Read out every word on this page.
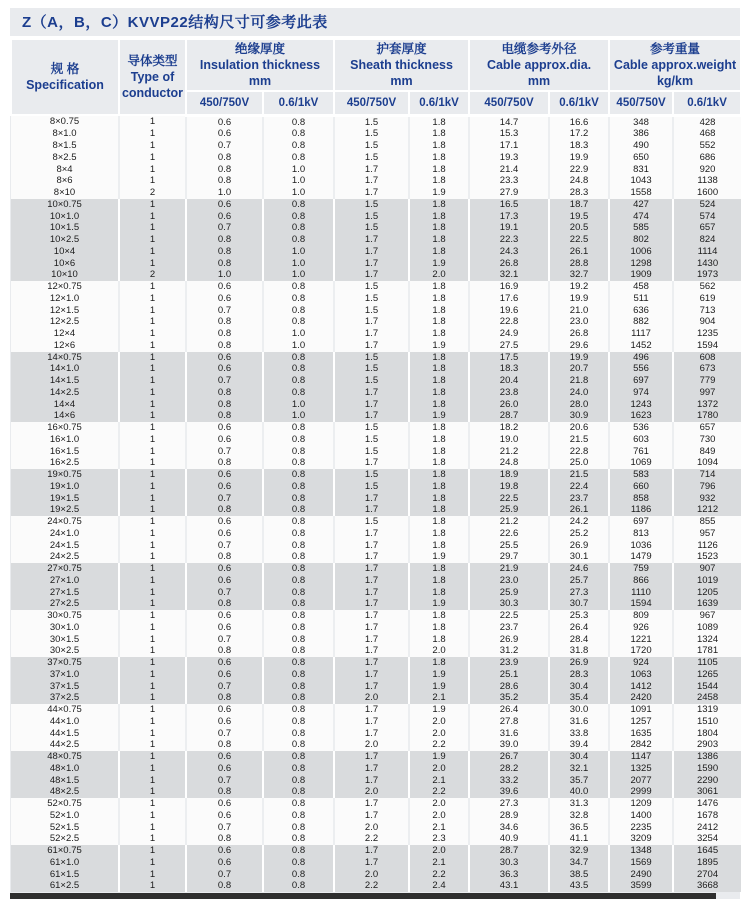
Z（A，B，C）KVVP22结构尺寸可参考此表
规 格
Specification	导体类型
Type of
conductor	绝缘厚度
Insulation thickness
mm		护套厚度
Sheath thickness
mm		电缆参考外径
Cable approx.dia.
mm		参考重量
Cable approx.weight
kg/km	
		450/750V	0.6/1kV	450/750V	0.6/1kV	450/750V	0.6/1kV	450/750V	0.6/1kV
8×0.75	1	0.6	0.8	1.5	1.8	14.7	16.6	348	428
8×1.0	1	0.6	0.8	1.5	1.8	15.3	17.2	386	468
8×1.5	1	0.7	0.8	1.5	1.8	17.1	18.3	490	552
8×2.5	1	0.8	0.8	1.5	1.8	19.3	19.9	650	686
8×4	1	0.8	1.0	1.7	1.8	21.4	22.9	831	920
8×6	1	0.8	1.0	1.7	1.8	23.3	24.8	1043	1138
8×10	2	1.0	1.0	1.7	1.9	27.9	28.3	1558	1600
10×0.75	1	0.6	0.8	1.5	1.8	16.5	18.7	427	524
10×1.0	1	0.6	0.8	1.5	1.8	17.3	19.5	474	574
10×1.5	1	0.7	0.8	1.5	1.8	19.1	20.5	585	657
10×2.5	1	0.8	0.8	1.7	1.8	22.3	22.5	802	824
10×4	1	0.8	1.0	1.7	1.8	24.3	26.1	1006	1114
10×6	1	0.8	1.0	1.7	1.9	26.8	28.8	1298	1430
10×10	2	1.0	1.0	1.7	2.0	32.1	32.7	1909	1973
12×0.75	1	0.6	0.8	1.5	1.8	16.9	19.2	458	562
12×1.0	1	0.6	0.8	1.5	1.8	17.6	19.9	511	619
12×1.5	1	0.7	0.8	1.5	1.8	19.6	21.0	636	713
12×2.5	1	0.8	0.8	1.7	1.8	22.8	23.0	882	904
12×4	1	0.8	1.0	1.7	1.8	24.9	26.8	1117	1235
12×6	1	0.8	1.0	1.7	1.9	27.5	29.6	1452	1594
14×0.75	1	0.6	0.8	1.5	1.8	17.5	19.9	496	608
14×1.0	1	0.6	0.8	1.5	1.8	18.3	20.7	556	673
14×1.5	1	0.7	0.8	1.5	1.8	20.4	21.8	697	779
14×2.5	1	0.8	0.8	1.7	1.8	23.8	24.0	974	997
14×4	1	0.8	1.0	1.7	1.8	26.0	28.0	1243	1372
14×6	1	0.8	1.0	1.7	1.9	28.7	30.9	1623	1780
16×0.75	1	0.6	0.8	1.5	1.8	18.2	20.6	536	657
16×1.0	1	0.6	0.8	1.5	1.8	19.0	21.5	603	730
16×1.5	1	0.7	0.8	1.5	1.8	21.2	22.8	761	849
16×2.5	1	0.8	0.8	1.7	1.8	24.8	25.0	1069	1094
19×0.75	1	0.6	0.8	1.5	1.8	18.9	21.5	583	714
19×1.0	1	0.6	0.8	1.5	1.8	19.8	22.4	660	796
19×1.5	1	0.7	0.8	1.7	1.8	22.5	23.7	858	932
19×2.5	1	0.8	0.8	1.7	1.8	25.9	26.1	1186	1212
24×0.75	1	0.6	0.8	1.5	1.8	21.2	24.2	697	855
24×1.0	1	0.6	0.8	1.7	1.8	22.6	25.2	813	957
24×1.5	1	0.7	0.8	1.7	1.8	25.5	26.9	1036	1126
24×2.5	1	0.8	0.8	1.7	1.9	29.7	30.1	1479	1523
27×0.75	1	0.6	0.8	1.7	1.8	21.9	24.6	759	907
27×1.0	1	0.6	0.8	1.7	1.8	23.0	25.7	866	1019
27×1.5	1	0.7	0.8	1.7	1.8	25.9	27.3	1110	1205
27×2.5	1	0.8	0.8	1.7	1.9	30.3	30.7	1594	1639
30×0.75	1	0.6	0.8	1.7	1.8	22.5	25.3	809	967
30×1.0	1	0.6	0.8	1.7	1.8	23.7	26.4	926	1089
30×1.5	1	0.7	0.8	1.7	1.8	26.9	28.4	1221	1324
30×2.5	1	0.8	0.8	1.7	2.0	31.2	31.8	1720	1781
37×0.75	1	0.6	0.8	1.7	1.8	23.9	26.9	924	1105
37×1.0	1	0.6	0.8	1.7	1.9	25.1	28.3	1063	1265
37×1.5	1	0.7	0.8	1.7	1.9	28.6	30.4	1412	1544
37×2.5	1	0.8	0.8	2.0	2.1	35.2	35.4	2420	2458
44×0.75	1	0.6	0.8	1.7	1.9	26.4	30.0	1091	1319
44×1.0	1	0.6	0.8	1.7	2.0	27.8	31.6	1257	1510
44×1.5	1	0.7	0.8	1.7	2.0	31.6	33.8	1635	1804
44×2.5	1	0.8	0.8	2.0	2.2	39.0	39.4	2842	2903
48×0.75	1	0.6	0.8	1.7	1.9	26.7	30.4	1147	1386
48×1.0	1	0.6	0.8	1.7	2.0	28.2	32.1	1325	1590
48×1.5	1	0.7	0.8	1.7	2.1	33.2	35.7	2077	2290
48×2.5	1	0.8	0.8	2.0	2.2	39.6	40.0	2999	3061
52×0.75	1	0.6	0.8	1.7	2.0	27.3	31.3	1209	1476
52×1.0	1	0.6	0.8	1.7	2.0	28.9	32.8	1400	1678
52×1.5	1	0.7	0.8	2.0	2.1	34.6	36.5	2235	2412
52×2.5	1	0.8	0.8	2.2	2.3	40.9	41.1	3209	3254
61×0.75	1	0.6	0.8	1.7	2.0	28.7	32.9	1348	1645
61×1.0	1	0.6	0.8	1.7	2.1	30.3	34.7	1569	1895
61×1.5	1	0.7	0.8	2.0	2.2	36.3	38.5	2490	2704
61×2.5	1	0.8	0.8	2.2	2.4	43.1	43.5	3599	3668
